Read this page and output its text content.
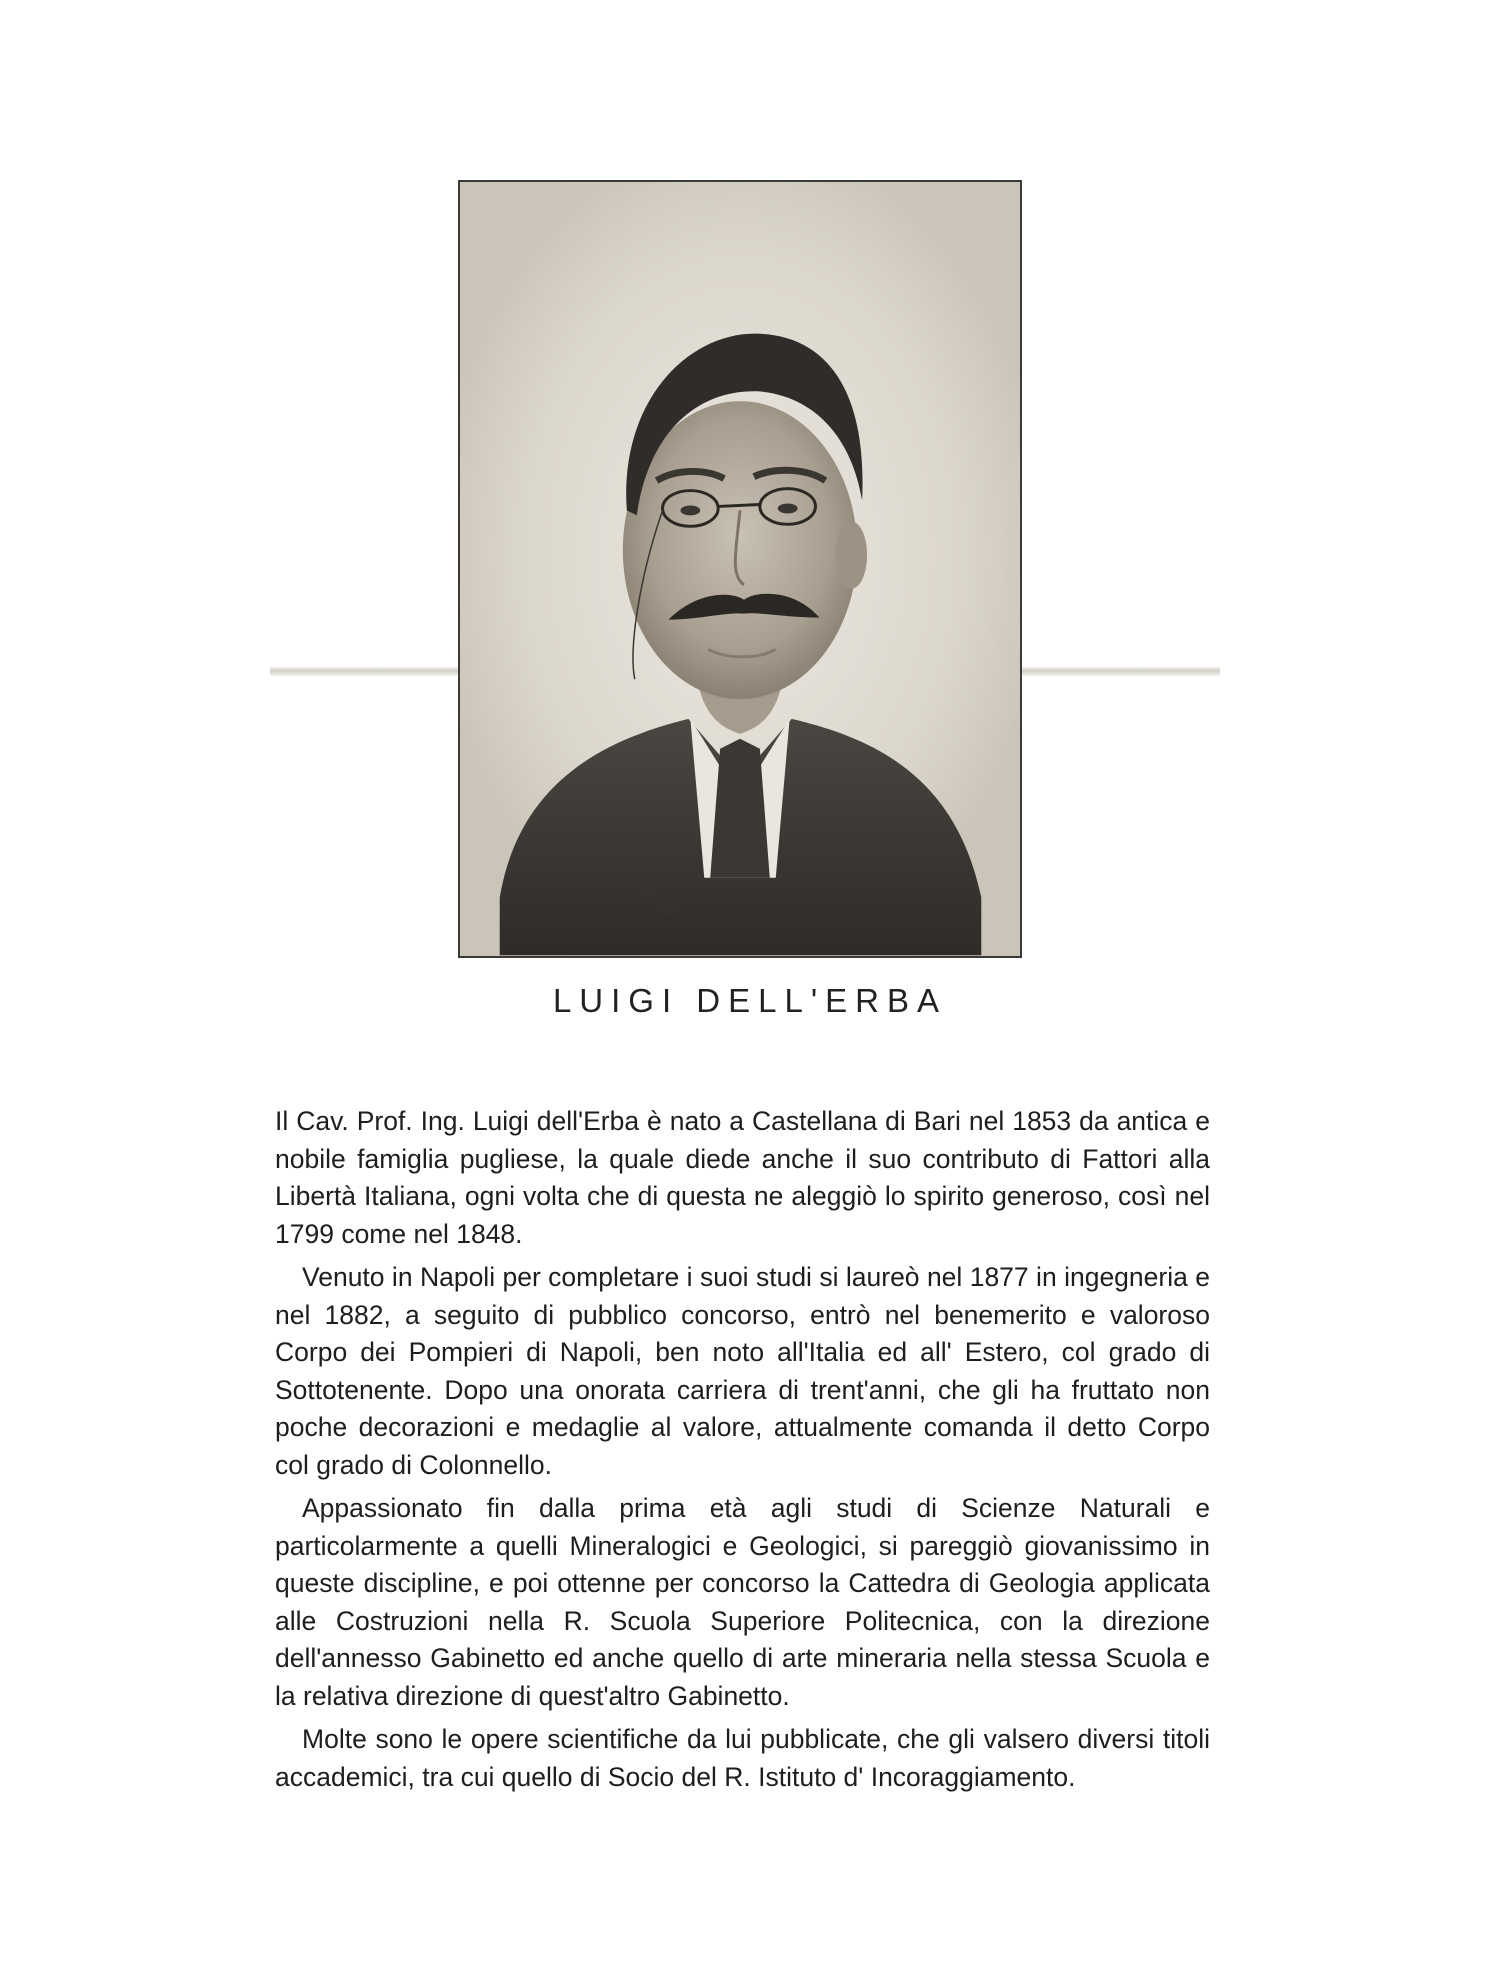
Capomazzi
LUIGI DELL'ERBA

Il Cav. Prof. Ing. Luigi dell'Erba è nato a Castellana di Bari nel 1853 da antica e nobile famiglia pugliese, la quale diede anche il suo contributo di Fattori alla Libertà Italiana, ogni volta che di questa ne aleggiò lo spirito generoso, così nel 1799 come nel 1848.

Venuto in Napoli per completare i suoi studi si laureò nel 1877 in ingegneria e nel 1882, a seguito di pubblico concorso, entrò nel benemerito e valoroso Corpo dei Pompieri di Napoli, ben noto all'Italia ed all' Estero, col grado di Sottotenente. Dopo una onorata carriera di trent'anni, che gli ha fruttato non poche decorazioni e medaglie al valore, attualmente comanda il detto Corpo col grado di Colonnello.

Appassionato fin dalla prima età agli studi di Scienze Naturali e particolarmente a quelli Mineralogici e Geologici, si pareggiò giovanissimo in queste discipline, e poi ottenne per concorso la Cattedra di Geologia applicata alle Costruzioni nella R. Scuola Superiore Politecnica, con la direzione dell'annesso Gabinetto ed anche quello di arte mineraria nella stessa Scuola e la relativa direzione di quest'altro Gabinetto.

Molte sono le opere scientifiche da lui pubblicate, che gli valsero diversi titoli accademici, tra cui quello di Socio del R. Istituto d' Incoraggiamento.
